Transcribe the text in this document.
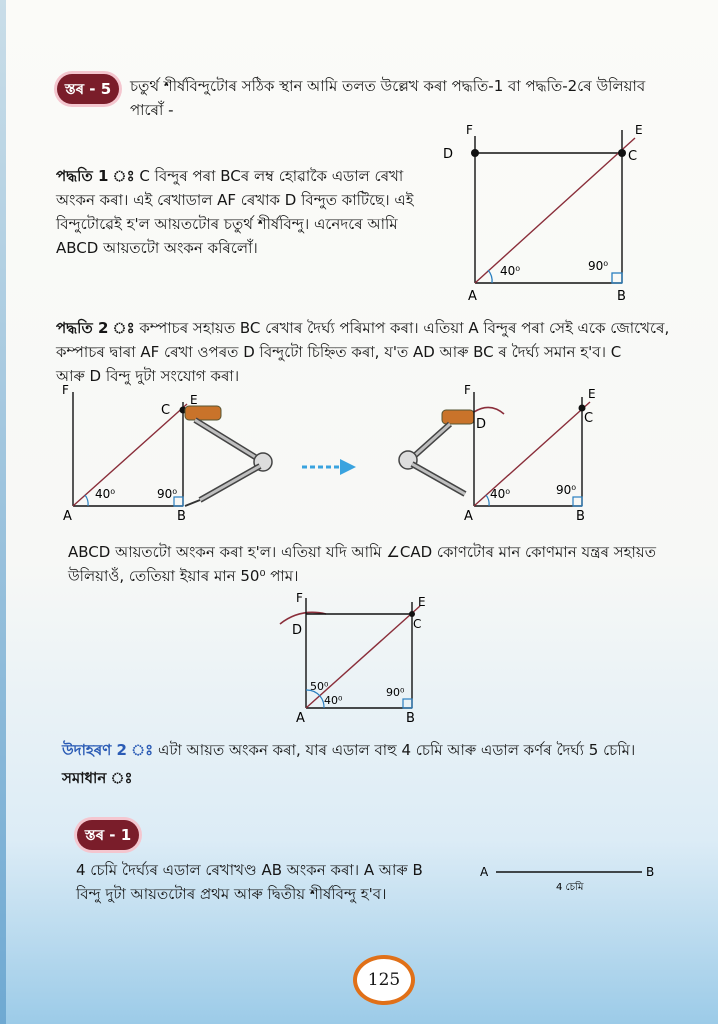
স্তৰ - 5	চতুৰ্থ শীৰ্ষবিন্দুটোৰ সঠিক স্থান আমি তলত উল্লেখ কৰা পদ্ধতি-1 বা পদ্ধতি-2ৰে উলিয়াব
পাৰোঁ -
পদ্ধতি 1 ঃ C বিন্দুৰ পৰা BCৰ লম্ব হোৱাকৈ এডাল ৰেখা
অংকন কৰা। এই ৰেখাডাল AF ৰেখাক D বিন্দুত কাটিছে। এই
বিন্দুটোৱেই হ'ল আয়তটোৰ চতুৰ্থ শীৰ্ষবিন্দু। এনেদৰে আমি
ABCD আয়তটো অংকন কৰিলোঁ।
F	E
D	C
A	B
40⁰	90⁰
পদ্ধতি 2 ঃ কম্পাচৰ সহায়ত BC ৰেখাৰ দৈৰ্ঘ্য পৰিমাপ কৰা। এতিয়া A বিন্দুৰ পৰা সেই একে জোখেৰে,
কম্পাচৰ দ্বাৰা AF ৰেখা ওপৰত D বিন্দুটো চিহ্নিত কৰা, য'ত AD আৰু BC ৰ দৈৰ্ঘ্য সমান হ'ব। C
আৰু D বিন্দু দুটা সংযোগ কৰা।
F
E
C
A	B
40⁰	90⁰
F	E
D	C
A	B
40⁰	90⁰
ABCD আয়তটো অংকন কৰা হ'ল। এতিয়া যদি আমি ∠CAD কোণটোৰ মান কোণমান যন্ত্ৰৰ সহায়ত
উলিয়াওঁ, তেতিয়া ইয়াৰ মান 50⁰ পাম।
F	E
D	C
A	B
50⁰
40⁰
90⁰
উদাহৰণ 2 ঃ এটা আয়ত অংকন কৰা, যাৰ এডাল বাহু 4 চেমি আৰু এডাল কৰ্ণৰ দৈৰ্ঘ্য 5 চেমি।
সমাধান ঃ
স্তৰ - 1
4 চেমি দৈৰ্ঘ্যৰ এডাল ৰেখাখণ্ড AB অংকন কৰা। A আৰু B
বিন্দু দুটা আয়তটোৰ প্ৰথম আৰু দ্বিতীয় শীৰ্ষবিন্দু হ'ব।
A	B
4 চেমি
125
